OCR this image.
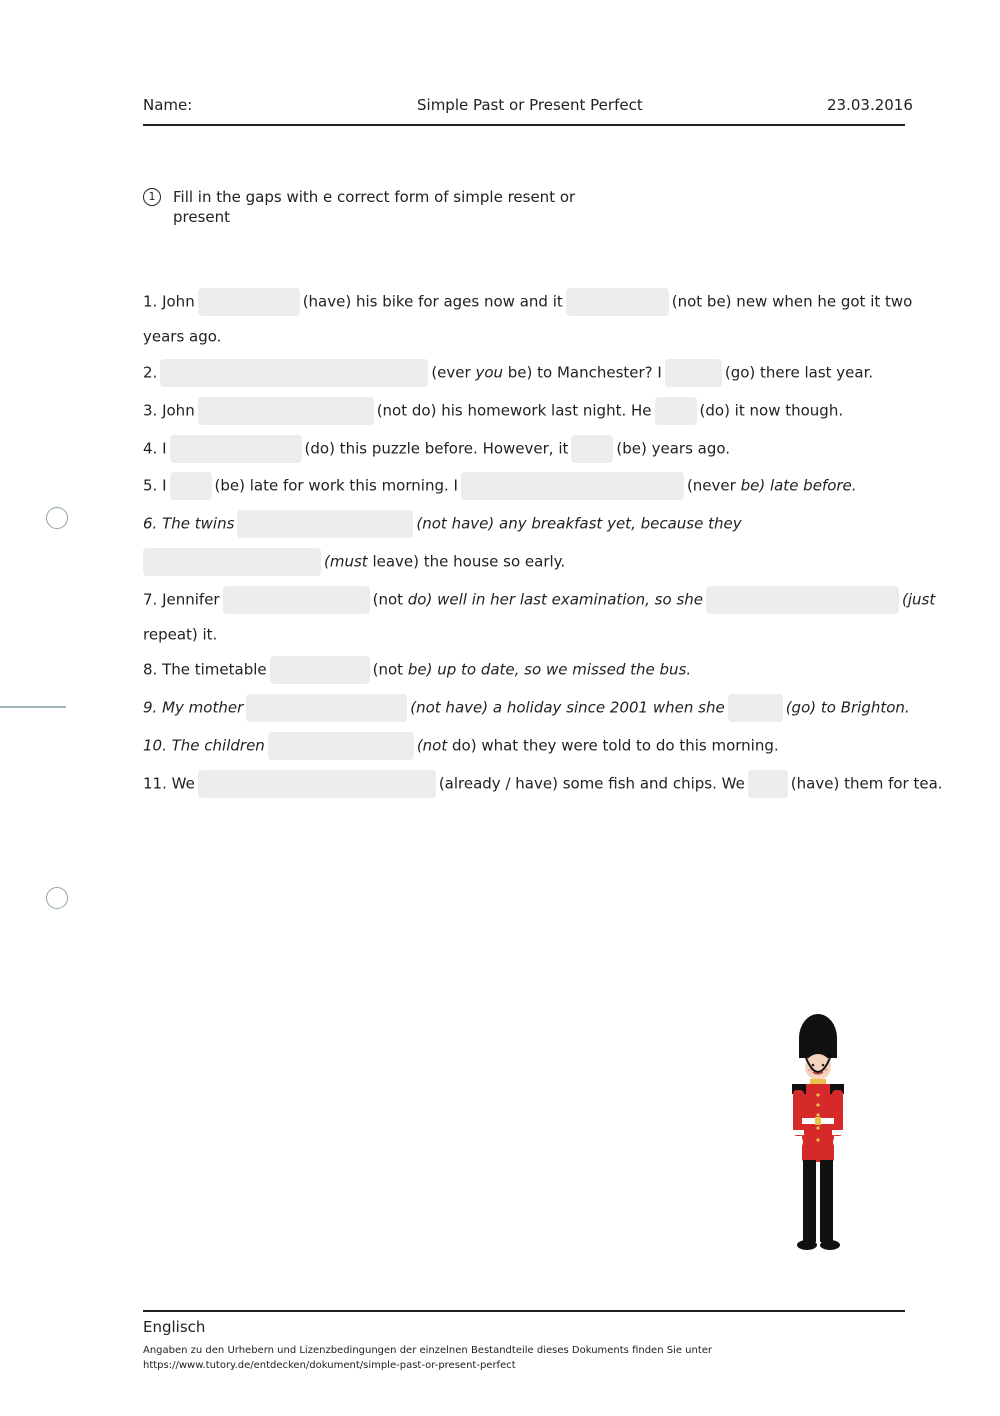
Name:	Simple Past or Present Perfect	23.03.2016
1	Fill in the gaps with e correct form of simple resent or present
1. John	(have) his bike for ages now and it	(not be) new when he got it two
years ago.
2.	(ever you be) to Manchester? I	(go) there last year.
3. John	(not do) his homework last night. He	(do) it now though.
4. I	(do) this puzzle before. However, it	(be) years ago.
5. I	(be) late for work this morning. I	(never be) late before.
6. The twins	(not have) any breakfast yet, because they
(must leave) the house so early.
7. Jennifer	(not do) well in her last examination, so she	(just
repeat) it.
8. The timetable	(not be) up to date, so we missed the bus.
9. My mother	(not have) a holiday since 2001 when she	(go) to Brighton.
10. The children	(not do) what they were told to do this morning.
11. We	(already / have) some fish and chips. We	(have) them for tea.
Englisch
Angaben zu den Urhebern und Lizenzbedingungen der einzelnen Bestandteile dieses Dokuments finden Sie unter
https://www.tutory.de/entdecken/dokument/simple-past-or-present-perfect
